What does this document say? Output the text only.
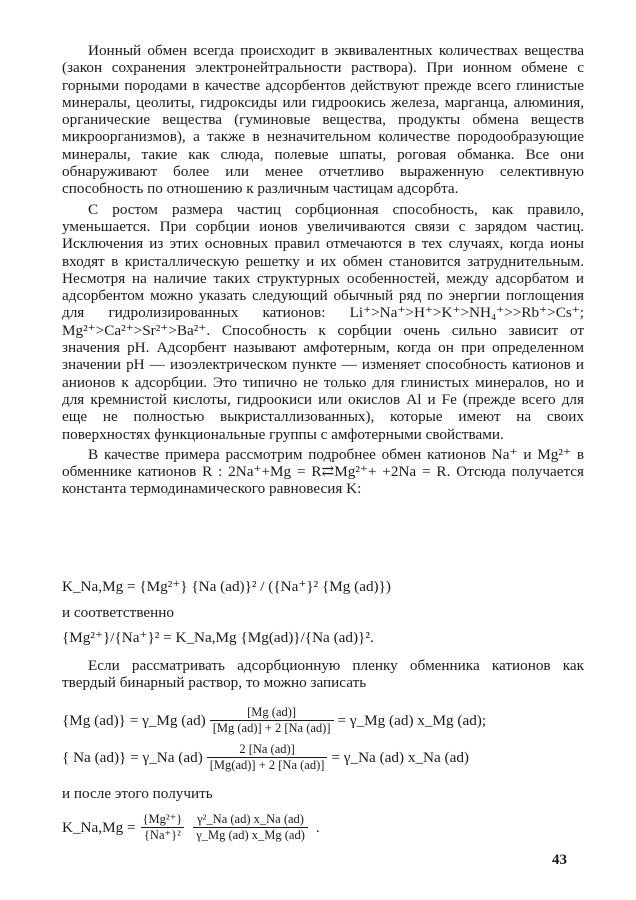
Ионный обмен всегда происходит в эквивалентных количествах вещества (закон сохранения электронейтральности раствора). При ионном обмене с горными породами в качестве адсорбентов действуют прежде всего глинистые минералы, цеолиты, гидроксиды или гидроокись железа, марганца, алюминия, органические вещества (гуминовые вещества, продукты обмена веществ микроорганизмов), а также в незначительном количестве породообразующие минералы, такие как слюда, полевые шпаты, роговая обманка. Все они обнаруживают более или менее отчетливо выраженную селективную способность по отношению к различным частицам адсорбта.

С ростом размера частиц сорбционная способность, как правило, уменьшается. При сорбции ионов увеличиваются связи с зарядом частиц. Исключения из этих основных правил отмечаются в тех случаях, когда ионы входят в кристаллическую решетку и их обмен становится затруднительным. Несмотря на наличие таких структурных особенностей, между адсорбатом и адсорбентом можно указать следующий обычный ряд по энергии поглощения для гидролизированных катионов: Li⁺>Na⁺>H⁺>K⁺>NH₄⁺>>Rb⁺>Cs⁺; Mg²⁺>Ca²⁺>Sr²⁺>Ba²⁺. Способность к сорбции очень сильно зависит от значения pH. Адсорбент называют амфотерным, когда он при определенном значении pH — изоэлектрическом пункте — изменяет способность катионов и анионов к адсорбции. Это типично не только для глинистых минералов, но и для кремнистой кислоты, гидроокиси или окислов Al и Fe (прежде всего для еще не полностью выкристаллизованных), которые имеют на своих поверхностях функциональные группы с амфотерными свойствами.

В качестве примера рассмотрим подробнее обмен катионов Na⁺ и Mg²⁺ в обменнике катионов R : 2Na⁺+Mg = R⇄Mg²⁺+ +2Na = R. Отсюда получается константа термодинамического равновесия K:

K_Na,Mg = {Mg²⁺} {Na (ad)}² / ({Na⁺}² {Mg (ad)})
и соответственно
{Mg²⁺}/{Na⁺}² = K_Na,Mg {Mg(ad)}/{Na (ad)}².

Если рассматривать адсорбционную пленку обменника катионов как твердый бинарный раствор, то можно записать

{Mg (ad)} = γ_Mg $(ad) \frac{[Mg (ad)]}{[Mg (ad)] + 2 [Na (ad)]}$ = γ_Mg (ad) x_Mg (ad);
{ Na (ad)} = γ_Na $(ad) \frac{2 [Na (ad)]}{[Mg(ad)] + 2 [Na (ad)]}$ = γ_Na (ad) x_Na (ad)
и после этого получить
K_Na,Mg = $\frac{\text{\{Mg²⁺\}}}{\text{\{Na⁺\}²}} \frac{\text{γ²\_Na (ad) x\_Na (ad)}}{\gamma\_Mg (ad) x\_Mg (ad)}$ .
43
